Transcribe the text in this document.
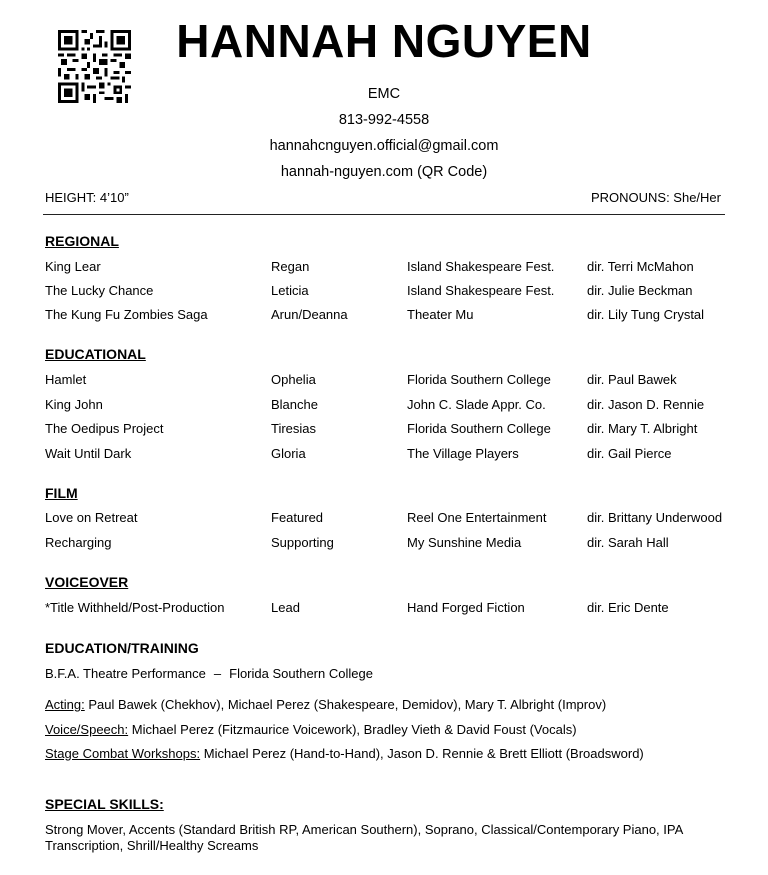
HANNAH NGUYEN
EMC
813-992-4558
hannahcnguyen.official@gmail.com
hannah-nguyen.com (QR Code)
HEIGHT: 4’10”	PRONOUNS: She/Her
REGIONAL
King Lear	Regan	Island Shakespeare Fest.	dir. Terri McMahon
The Lucky Chance	Leticia	Island Shakespeare Fest.	dir. Julie Beckman
The Kung Fu Zombies Saga	Arun/Deanna	Theater Mu	dir. Lily Tung Crystal
EDUCATIONAL
Hamlet	Ophelia	Florida Southern College	dir. Paul Bawek
King John	Blanche	John C. Slade Appr. Co.	dir. Jason D. Rennie
The Oedipus Project	Tiresias	Florida Southern College	dir. Mary T. Albright
Wait Until Dark	Gloria	The Village Players	dir. Gail Pierce
FILM
Love on Retreat	Featured	Reel One Entertainment	dir. Brittany Underwood
Recharging	Supporting	My Sunshine Media	dir. Sarah Hall
VOICEOVER
*Title Withheld/Post-Production	Lead	Hand Forged Fiction	dir. Eric Dente
EDUCATION/TRAINING
B.F.A. Theatre Performance – Florida Southern College
Acting: Paul Bawek (Chekhov), Michael Perez (Shakespeare, Demidov), Mary T. Albright (Improv)
Voice/Speech: Michael Perez (Fitzmaurice Voicework), Bradley Vieth & David Foust (Vocals)
Stage Combat Workshops: Michael Perez (Hand-to-Hand), Jason D. Rennie & Brett Elliott (Broadsword)
SPECIAL SKILLS:
Strong Mover, Accents (Standard British RP, American Southern), Soprano, Classical/Contemporary Piano, IPA Transcription, Shrill/Healthy Screams
